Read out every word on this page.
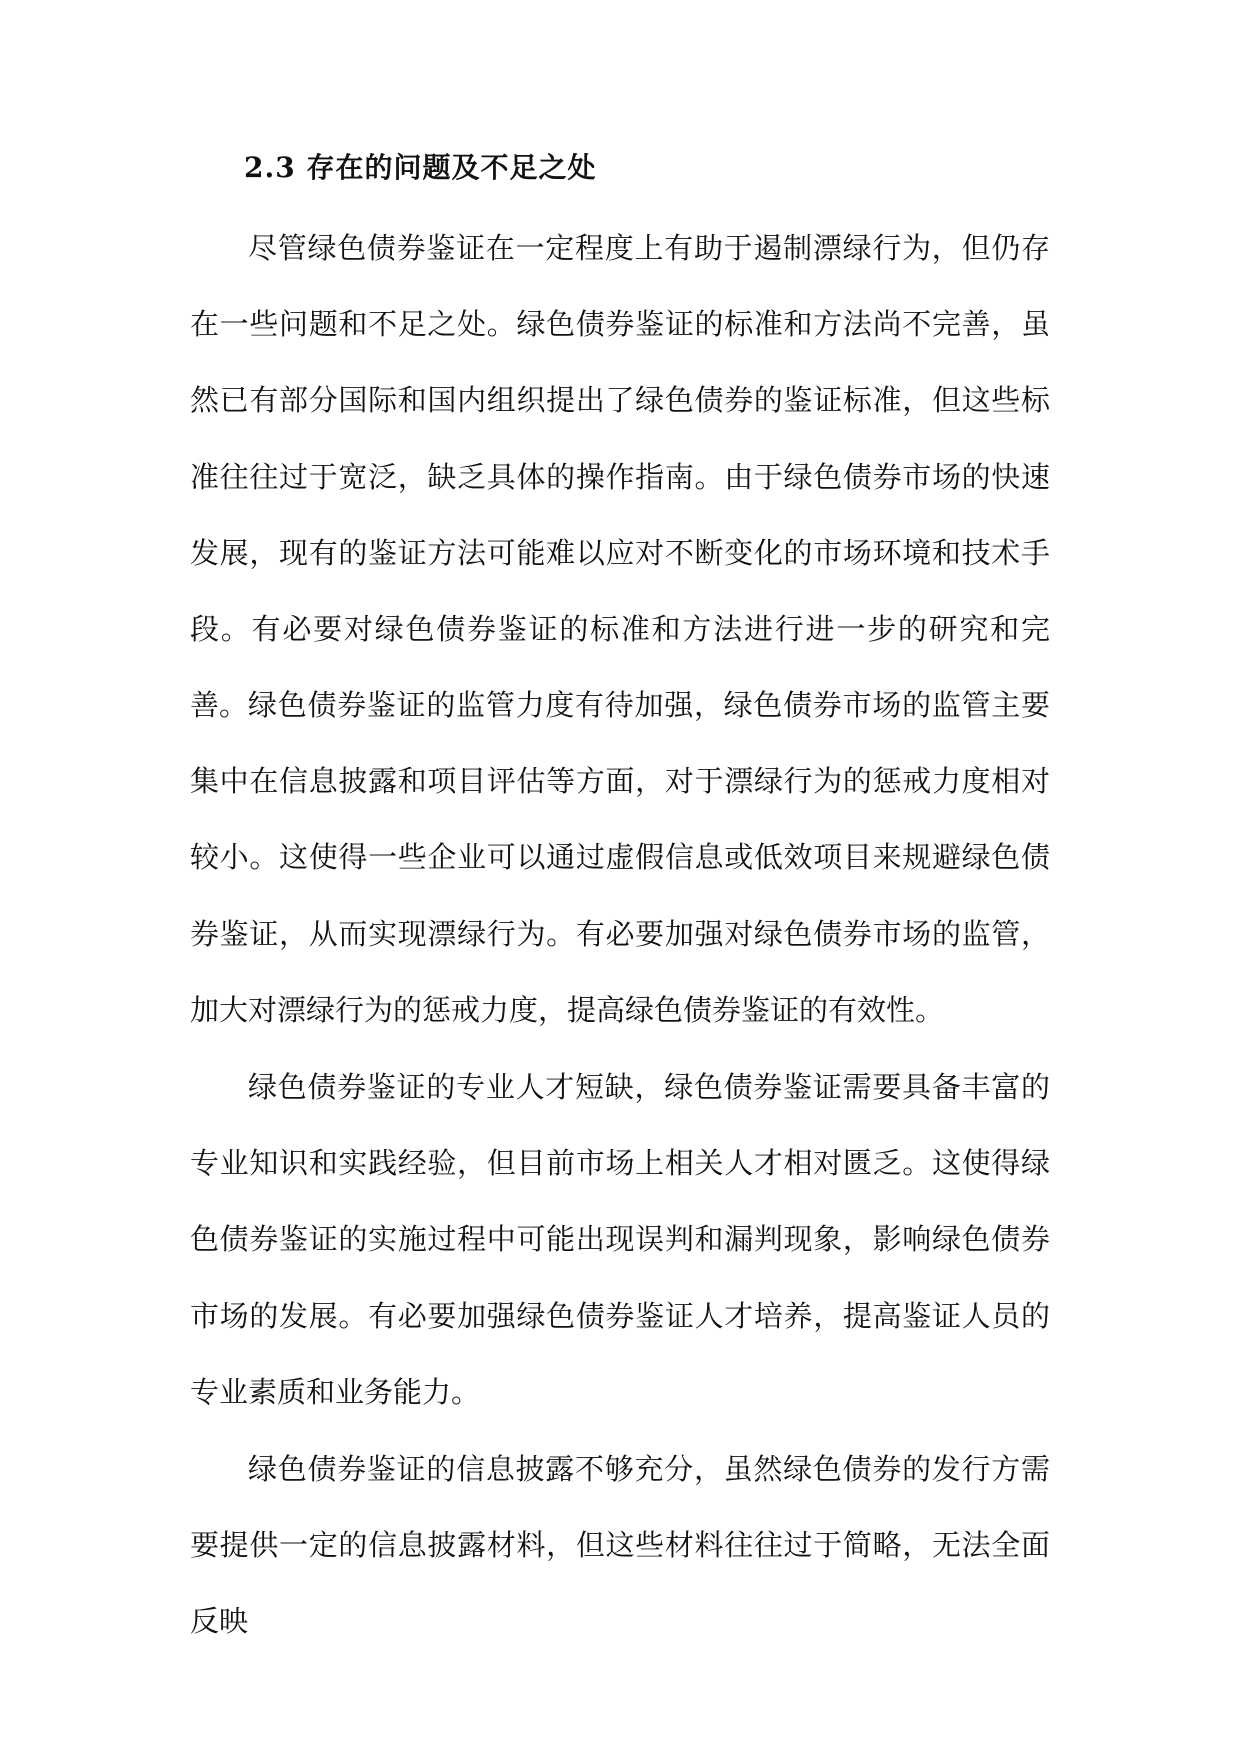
2.3 存在的问题及不足之处

尽管绿色债券鉴证在一定程度上有助于遏制漂绿行为，但仍存在一些问题和不足之处。绿色债券鉴证的标准和方法尚不完善，虽然已有部分国际和国内组织提出了绿色债券的鉴证标准，但这些标准往往过于宽泛，缺乏具体的操作指南。由于绿色债券市场的快速发展，现有的鉴证方法可能难以应对不断变化的市场环境和技术手段。有必要对绿色债券鉴证的标准和方法进行进一步的研究和完善。 绿色债券鉴证的监管力度有待加强，绿色债券市场的监管主要集中在信息披露和项目评估等方面，对于漂绿行为的惩戒力度相对较小。这使得一些企业可以通过虚假信息或低效项目来规避绿色债券鉴证，从而实现漂绿行为。有必要加强对绿色债券市场的监管，加大对漂绿行为的惩戒力度，提高绿色债券鉴证的有效性。

绿色债券鉴证的专业人才短缺，绿色债券鉴证需要具备丰富的专业知识和实践经验，但目前市场上相关人才相对匮乏。这使得绿色债券鉴证的实施过程中可能出现误判和漏判现象，影响绿色债券市场的发展。有必要加强绿色债券鉴证人才培养，提高鉴证人员的专业素质和业务能力。

绿色债券鉴证的信息披露不够充分，虽然绿色债券的发行方需要提供一定的信息披露材料，但这些材料往往过于简略，无法全面反映
